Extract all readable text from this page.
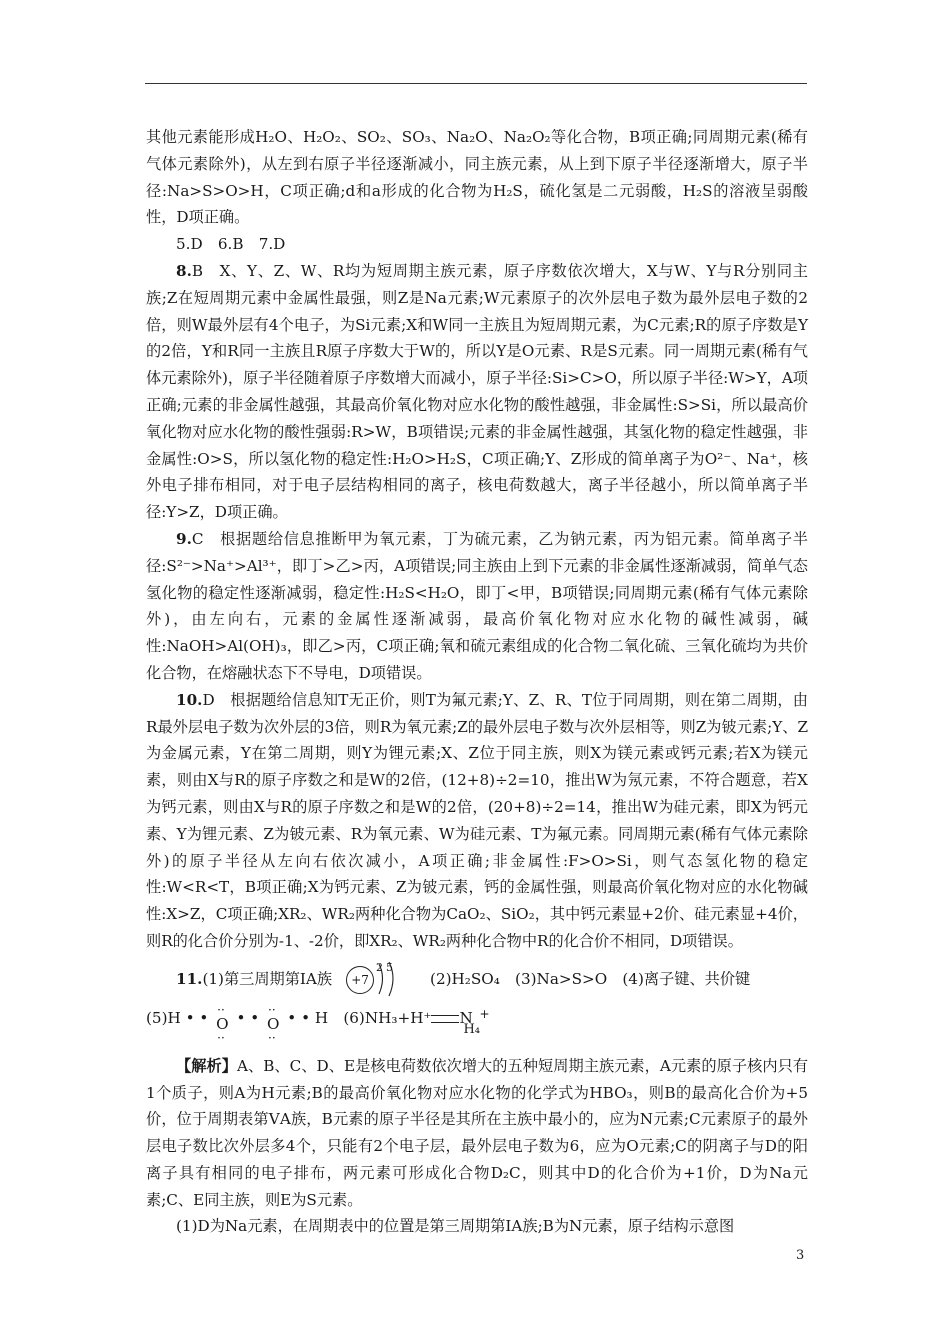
其他元素能形成H₂O、H₂O₂、SO₂、SO₃、Na₂O、Na₂O₂等化合物，B项正确;同周期元素(稀有气体元素除外)，从左到右原子半径逐渐减小，同主族元素，从上到下原子半径逐渐增大，原子半径:Na>S>O>H，C项正确;d和a形成的化合物为H₂S，硫化氢是二元弱酸，H₂S的溶液呈弱酸性，D项正确。

5.D　6.B　7.D

8.B　X、Y、Z、W、R均为短周期主族元素，原子序数依次增大，X与W、Y与R分别同主族;Z在短周期元素中金属性最强，则Z是Na元素;W元素原子的次外层电子数为最外层电子数的2倍，则W最外层有4个电子，为Si元素;X和W同一主族且为短周期元素，为C元素;R的原子序数是Y的2倍，Y和R同一主族且R原子序数大于W的，所以Y是O元素、R是S元素。同一周期元素(稀有气体元素除外)，原子半径随着原子序数增大而减小，原子半径:Si>C>O，所以原子半径:W>Y，A项正确;元素的非金属性越强，其最高价氧化物对应水化物的酸性越强，非金属性:S>Si，所以最高价氧化物对应水化物的酸性强弱:R>W，B项错误;元素的非金属性越强，其氢化物的稳定性越强，非金属性:O>S，所以氢化物的稳定性:H₂O>H₂S，C项正确;Y、Z形成的简单离子为O²⁻、Na⁺，核外电子排布相同，对于电子层结构相同的离子，核电荷数越大，离子半径越小，所以简单离子半径:Y>Z，D项正确。

9.C　根据题给信息推断甲为氧元素，丁为硫元素，乙为钠元素，丙为铝元素。简单离子半径:S²⁻>Na⁺>Al³⁺，即丁>乙>丙，A项错误;同主族由上到下元素的非金属性逐渐减弱，简单气态氢化物的稳定性逐渐减弱，稳定性:H₂S<H₂O，即丁<甲，B项错误;同周期元素(稀有气体元素除外)，由左向右，元素的金属性逐渐减弱，最高价氧化物对应水化物的碱性减弱，碱性:NaOH>Al(OH)₃，即乙>丙，C项正确;氧和硫元素组成的化合物二氧化硫、三氧化硫均为共价化合物，在熔融状态下不导电，D项错误。

10.D　根据题给信息知T无正价，则T为氟元素;Y、Z、R、T位于同周期，则在第二周期，由R最外层电子数为次外层的3倍，则R为氧元素;Z的最外层电子数与次外层相等，则Z为铍元素;Y、Z为金属元素，Y在第二周期，则Y为锂元素;X、Z位于同主族，则X为镁元素或钙元素;若X为镁元素，则由X与R的原子序数之和是W的2倍，(12+8)÷2=10，推出W为氖元素，不符合题意，若X为钙元素，则由X与R的原子序数之和是W的2倍，(20+8)÷2=14，推出W为硅元素，即X为钙元素、Y为锂元素、Z为铍元素、R为氧元素、W为硅元素、T为氟元素。同周期元素(稀有气体元素除外)的原子半径从左向右依次减小，A项正确;非金属性:F>O>Si，则气态氢化物的稳定性:W<R<T，B项正确;X为钙元素、Z为铍元素，钙的金属性强，则最高价氧化物对应的水化物碱性:X>Z，C项正确;XR₂、WR₂两种化合物为CaO₂、SiO₂，其中钙元素显+2价、硅元素显+4价，则R的化合价分别为-1、-2价，即XR₂、WR₂两种化合物中R的化合价不相同，D项错误。

11.(1)第三周期第ⅠA族	+7
2 5
(2)H₂SO₄　(3)Na>S>O　(4)离子键、共价键

(5)H • • ·· O ·· • • ·· O ·· • • H　 (6)NH₃+H⁺ N
H₄
+

【解析】A、B、C、D、E是核电荷数依次增大的五种短周期主族元素，A元素的原子核内只有1个质子，则A为H元素;B的最高价氧化物对应水化物的化学式为HBO₃，则B的最高化合价为+5价，位于周期表第ⅤA族，B元素的原子半径是其所在主族中最小的，应为N元素;C元素原子的最外层电子数比次外层多4个，只能有2个电子层，最外层电子数为6，应为O元素;C的阴离子与D的阳离子具有相同的电子排布，两元素可形成化合物D₂C，则其中D的化合价为+1价，D为Na元素;C、E同主族，则E为S元素。

(1)D为Na元素，在周期表中的位置是第三周期第ⅠA族;B为N元素，原子结构示意图

3
